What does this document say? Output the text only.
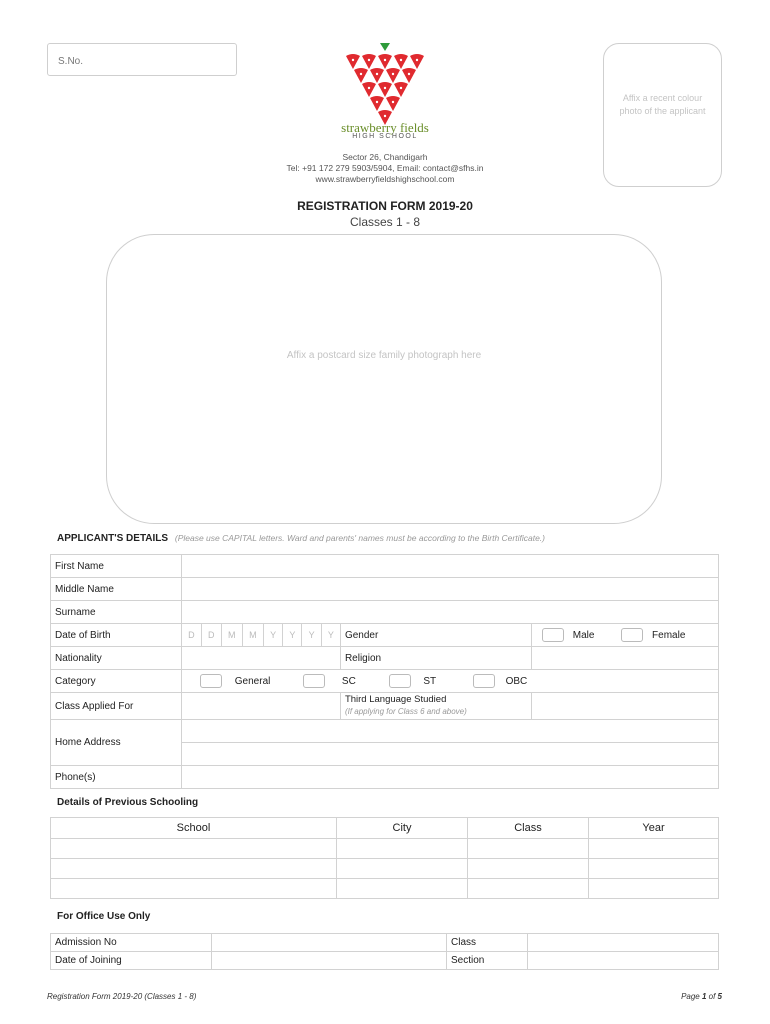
S.No.
Affix a recent colour photo of the applicant
strawberry fields
HIGH SCHOOL
Sector 26, Chandigarh
Tel: +91 172 279 5903/5904, Email: contact@sfhs.in
www.strawberryfieldshighschool.com
REGISTRATION FORM 2019-20
Classes 1 - 8
Affix a postcard size family photograph here
APPLICANT'S DETAILS (Please use CAPITAL letters. Ward and parents' names must be according to the Birth Certificate.)
First Name										
Middle Name										
Surname										
Date of Birth	D	D	M	M	Y	Y	Y	Y	Gender	Male Female
Nationality									Religion	
Category	General SC ST OBC									
Class Applied For									Third Language Studied
(If applying for Class 6 and above)	

Home Address										

Phone(s)										
Details of Previous Schooling
School	City	Class	Year

For Office Use Only
Admission No		Class	
Date of Joining		Section	
Registration Form 2019-20 (Classes 1 - 8)	Page 1 of 5
